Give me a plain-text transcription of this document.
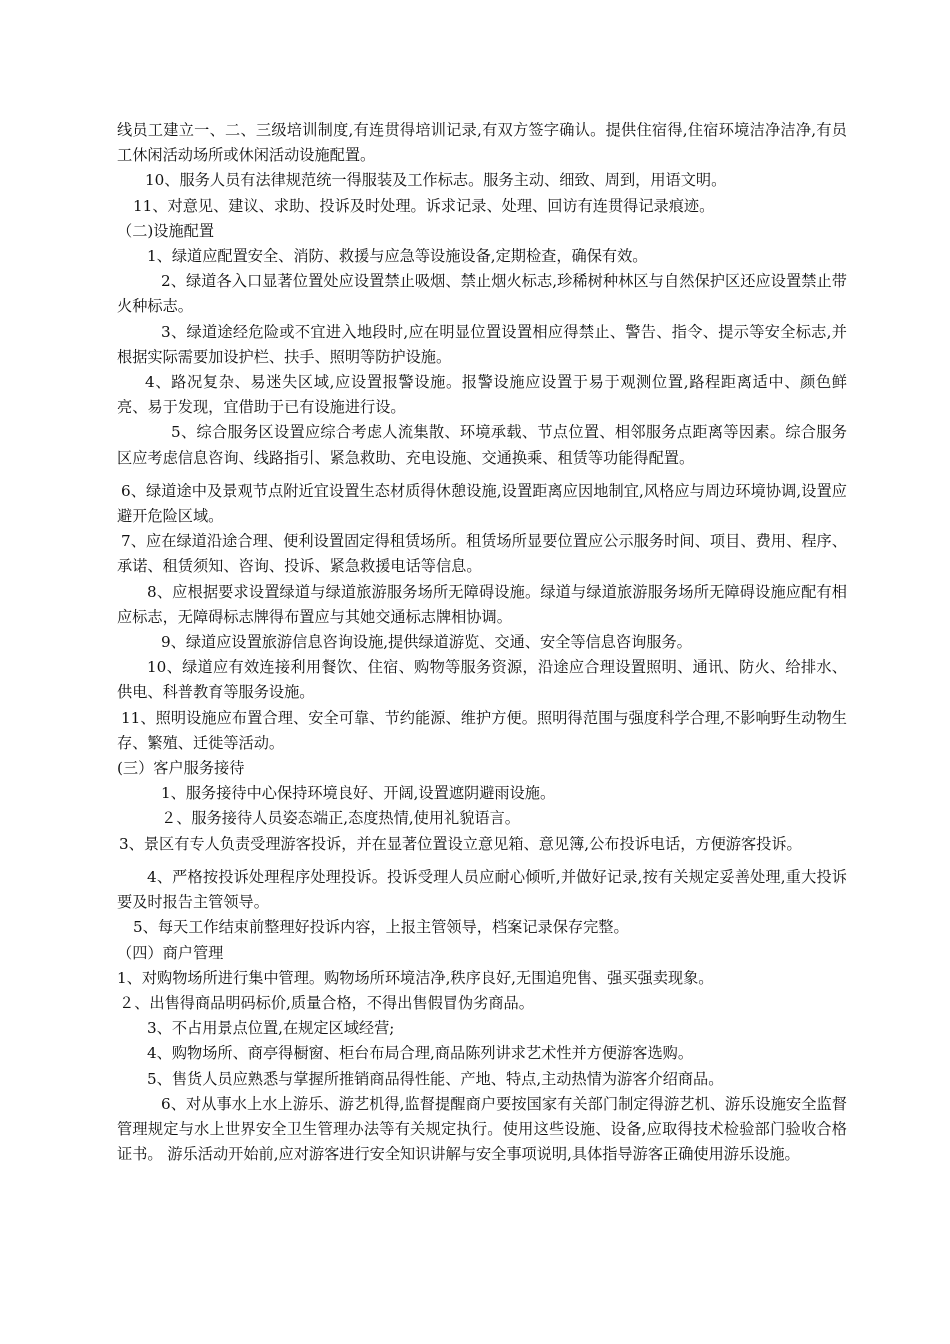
线员工建立一、二、三级培训制度,有连贯得培训记录,有双方签字确认。提供住宿得,住宿环境洁净洁净,有员工休闲活动场所或休闲活动设施配置。

10、服务人员有法律规范统一得服装及工作标志。服务主动、细致、周到，用语文明。

11、对意见、建议、求助、投诉及时处理。诉求记录、处理、回访有连贯得记录痕迹。

（二)设施配置

1、绿道应配置安全、消防、救援与应急等设施设备,定期检查，确保有效。

2、绿道各入口显著位置处应设置禁止吸烟、禁止烟火标志,珍稀树种林区与自然保护区还应设置禁止带火种标志。

3、绿道途经危险或不宜进入地段时,应在明显位置设置相应得禁止、警告、指令、提示等安全标志,并根据实际需要加设护栏、扶手、照明等防护设施。

4、路况复杂、易迷失区域,应设置报警设施。报警设施应设置于易于观测位置,路程距离适中、颜色鲜亮、易于发现，宜借助于已有设施进行设。

5、综合服务区设置应综合考虑人流集散、环境承载、节点位置、相邻服务点距离等因素。综合服务区应考虑信息咨询、线路指引、紧急救助、充电设施、交通换乘、租赁等功能得配置。

6、绿道途中及景观节点附近宜设置生态材质得休憩设施,设置距离应因地制宜,风格应与周边环境协调,设置应避开危险区域。

7、应在绿道沿途合理、便利设置固定得租赁场所。租赁场所显要位置应公示服务时间、项目、费用、程序、承诺、租赁须知、咨询、投诉、紧急救援电话等信息。

8、应根据要求设置绿道与绿道旅游服务场所无障碍设施。绿道与绿道旅游服务场所无障碍设施应配有相应标志，无障碍标志牌得布置应与其她交通标志牌相协调。

9、绿道应设置旅游信息咨询设施,提供绿道游览、交通、安全等信息咨询服务。

10、绿道应有效连接利用餐饮、住宿、购物等服务资源，沿途应合理设置照明、通讯、防火、给排水、供电、科普教育等服务设施。

11、照明设施应布置合理、安全可靠、节约能源、维护方便。照明得范围与强度科学合理,不影响野生动物生存、繁殖、迁徙等活动。

(三）客户服务接待

1、服务接待中心保持环境良好、开阔,设置遮阴避雨设施。

２、服务接待人员姿态端正,态度热情,使用礼貌语言。

3、景区有专人负责受理游客投诉，并在显著位置设立意见箱、意见簿,公布投诉电话，方便游客投诉。

4、严格按投诉处理程序处理投诉。投诉受理人员应耐心倾听,并做好记录,按有关规定妥善处理,重大投诉要及时报告主管领导。

5、每天工作结束前整理好投诉内容，上报主管领导，档案记录保存完整。

（四）商户管理

1、对购物场所进行集中管理。购物场所环境洁净,秩序良好,无围追兜售、强买强卖现象。

２、出售得商品明码标价,质量合格，不得出售假冒伪劣商品。

3、不占用景点位置,在规定区域经营;

4、购物场所、商亭得橱窗、柜台布局合理,商品陈列讲求艺术性并方便游客选购。

5、售货人员应熟悉与掌握所推销商品得性能、产地、特点,主动热情为游客介绍商品。

6、对从事水上水上游乐、游艺机得,监督提醒商户要按国家有关部门制定得游艺机、游乐设施安全监督管理规定与水上世界安全卫生管理办法等有关规定执行。使用这些设施、设备,应取得技术检验部门验收合格证书。 游乐活动开始前,应对游客进行安全知识讲解与安全事项说明,具体指导游客正确使用游乐设施。
